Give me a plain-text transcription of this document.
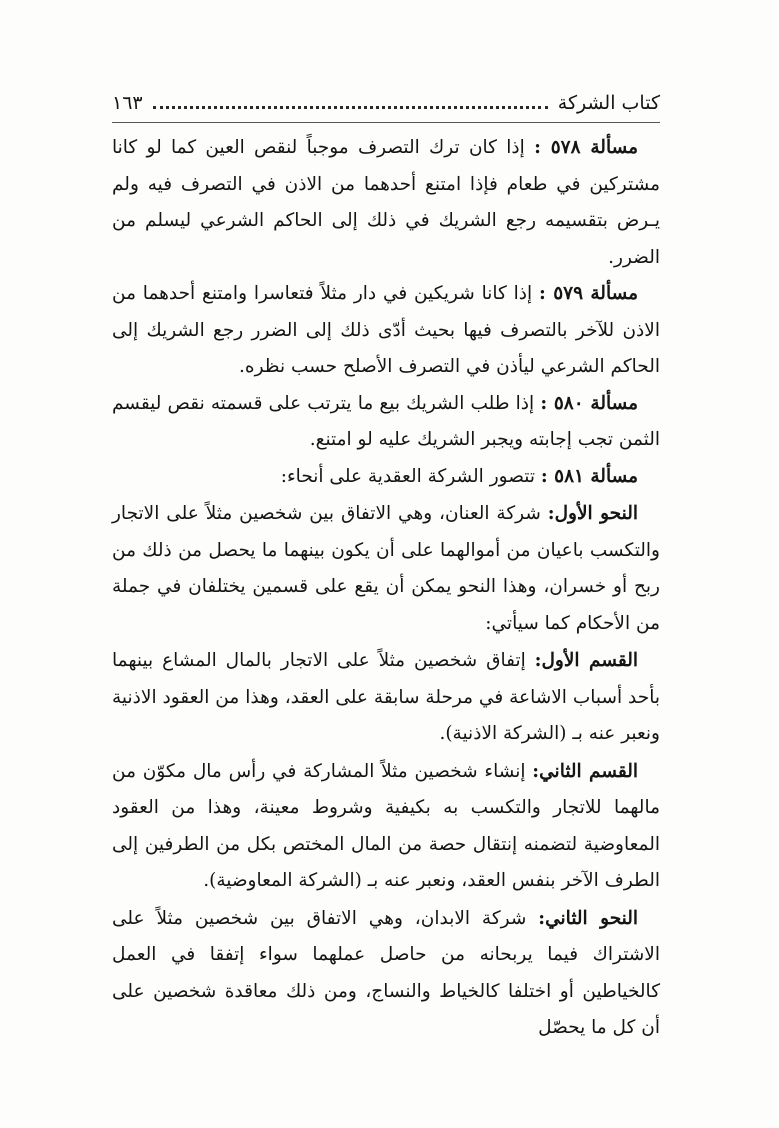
كتاب الشركة
١٦٣

مسألة ٥٧٨ : إذا كان ترك التصرف موجباً لنقص العين كما لو كانا مشتركين في طعام فإذا امتنع أحدهما من الاذن في التصرف فيه ولم يـرض بتقسيمه رجع الشريك في ذلك إلى الحاكم الشرعي ليسلم من الضرر.

مسألة ٥٧٩ : إذا كانا شريكين في دار مثلاً فتعاسرا وامتنع أحدهما من الاذن للآخر بالتصرف فيها بحيث أدّى ذلك إلى الضرر رجع الشريك إلى الحاكم الشرعي ليأذن في التصرف الأصلح حسب نظره.

مسألة ٥٨٠ : إذا طلب الشريك بيع ما يترتب على قسمته نقص ليقسم الثمن تجب إجابته ويجبر الشريك عليه لو امتنع.

مسألة ٥٨١ : تتصور الشركة العقدية على أنحاء:

النحو الأول: شركة العنان، وهي الاتفاق بين شخصين مثلاً على الاتجار والتكسب باعيان من أموالهما على أن يكون بينهما ما يحصل من ذلك من ربح أو خسران، وهذا النحو يمكن أن يقع على قسمين يختلفان في جملة من الأحكام كما سيأتي:

القسم الأول: إتفاق شخصين مثلاً على الاتجار بالمال المشاع بينهما بأحد أسباب الاشاعة في مرحلة سابقة على العقد، وهذا من العقود الاذنية ونعبر عنه بـ (الشركة الاذنية).

القسم الثاني: إنشاء شخصين مثلاً المشاركة في رأس مال مكوّن من مالهما للاتجار والتكسب به بكيفية وشروط معينة، وهذا من العقود المعاوضية لتضمنه إنتقال حصة من المال المختص بكل من الطرفين إلى الطرف الآخر بنفس العقد، ونعبر عنه بـ (الشركة المعاوضية).

النحو الثاني: شركة الابدان، وهي الاتفاق بين شخصين مثلاً على الاشتراك فيما يربحانه من حاصل عملهما سواء إتفقا في العمل كالخياطين أو اختلفا كالخياط والنساج، ومن ذلك معاقدة شخصين على أن كل ما يحصّل
